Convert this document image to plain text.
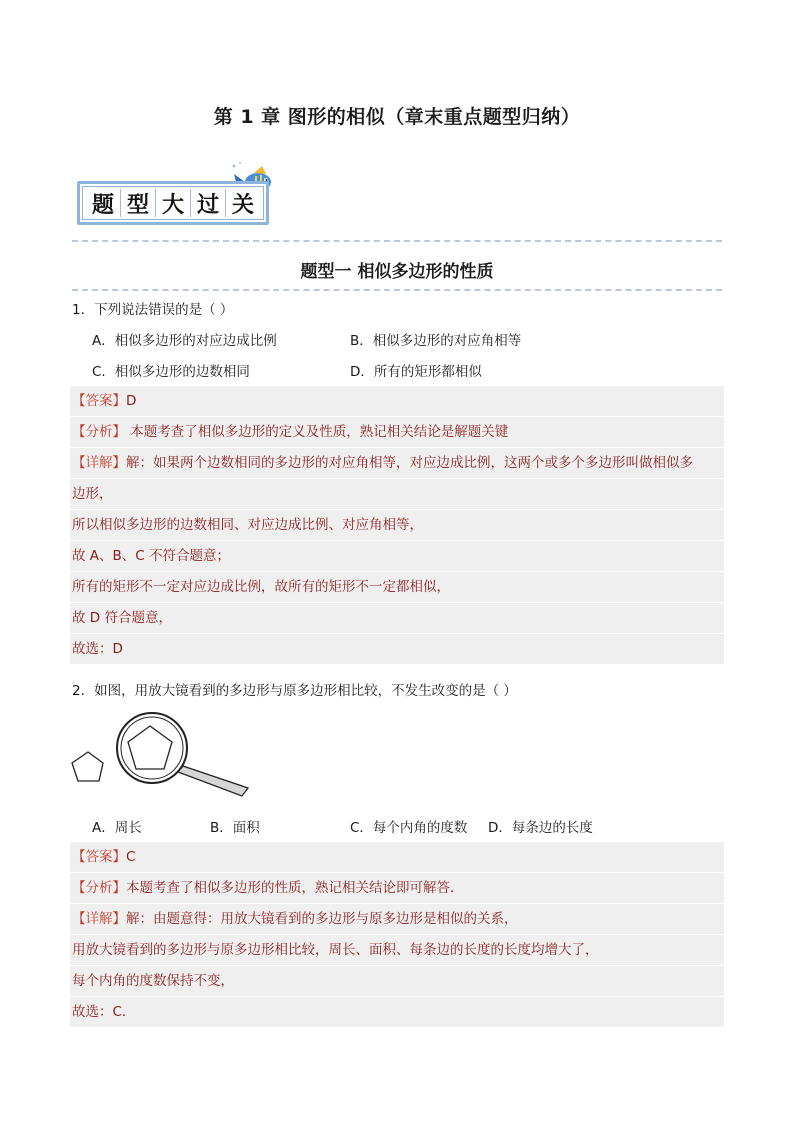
第 1 章 图形的相似（章末重点题型归纳）
题 型 大 过 关
题型一 相似多边形的性质
1．下列说法错误的是（ ）
A．相似多边形的对应边成比例	B．相似多边形的对应角相等
C．相似多边形的边数相同	D．所有的矩形都相似
【答案】D
【分析】 本题考查了相似多边形的定义及性质，熟记相关结论是解题关键
【详解】解：如果两个边数相同的多边形的对应角相等，对应边成比例，这两个或多个多边形叫做相似多
边形，
所以相似多边形的边数相同、对应边成比例、对应角相等，
故 A、B、C 不符合题意；
所有的矩形不一定对应边成比例，故所有的矩形不一定都相似，
故 D 符合题意，
故选：D
2．如图，用放大镜看到的多边形与原多边形相比较，不发生改变的是（ ）
A．周长	B．面积	C．每个内角的度数 D．每条边的长度
【答案】C
【分析】本题考查了相似多边形的性质，熟记相关结论即可解答．
【详解】解：由题意得：用放大镜看到的多边形与原多边形是相似的关系，
用放大镜看到的多边形与原多边形相比较，周长、面积、每条边的长度的长度均增大了，
每个内角的度数保持不变，
故选：C．
